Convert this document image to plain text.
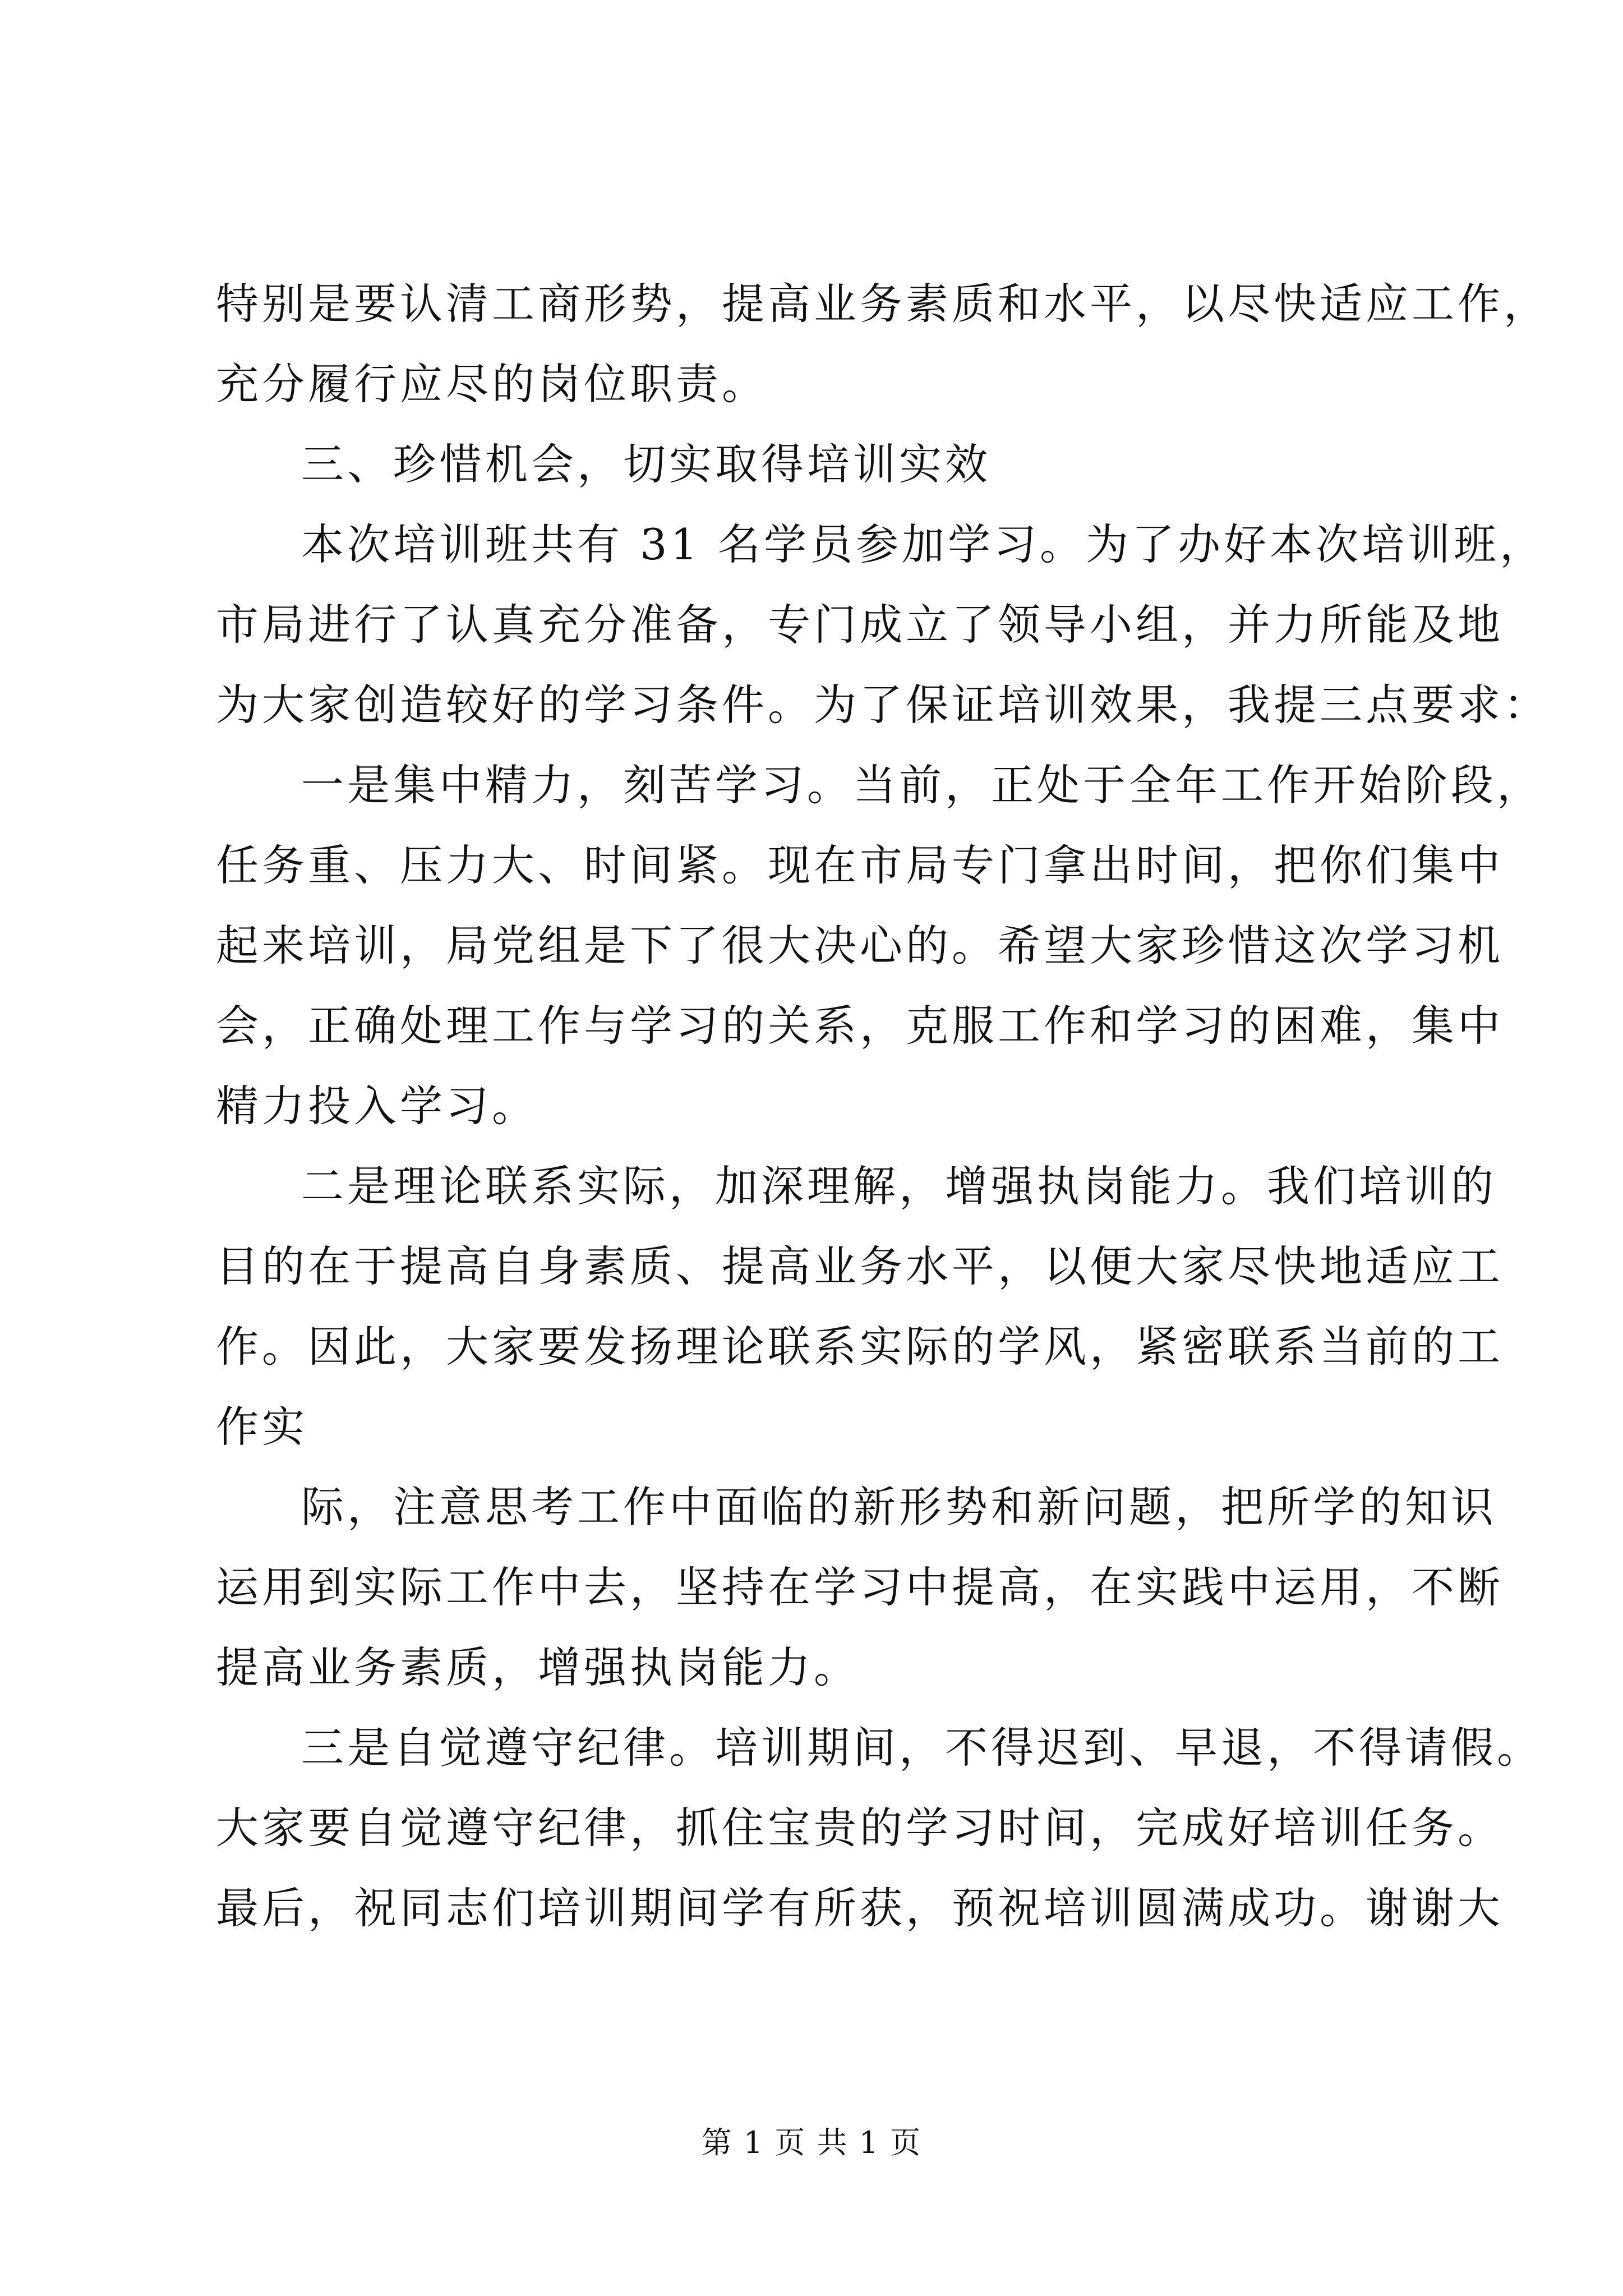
特别是要认清工商形势，提高业务素质和水平，以尽快适应工作，
充分履行应尽的岗位职责。
三、珍惜机会，切实取得培训实效
本次培训班共有 31 名学员参加学习。为了办好本次培训班，
市局进行了认真充分准备，专门成立了领导小组，并力所能及地
为大家创造较好的学习条件。为了保证培训效果，我提三点要求：
一是集中精力，刻苦学习。当前，正处于全年工作开始阶段，
任务重、压力大、时间紧。现在市局专门拿出时间，把你们集中
起来培训，局党组是下了很大决心的。希望大家珍惜这次学习机
会，正确处理工作与学习的关系，克服工作和学习的困难，集中
精力投入学习。
二是理论联系实际，加深理解，增强执岗能力。我们培训的
目的在于提高自身素质、提高业务水平，以便大家尽快地适应工
作。因此，大家要发扬理论联系实际的学风，紧密联系当前的工
作实
际，注意思考工作中面临的新形势和新问题，把所学的知识
运用到实际工作中去，坚持在学习中提高，在实践中运用，不断
提高业务素质，增强执岗能力。
三是自觉遵守纪律。培训期间，不得迟到、早退，不得请假。
大家要自觉遵守纪律，抓住宝贵的学习时间，完成好培训任务。
最后，祝同志们培训期间学有所获，预祝培训圆满成功。谢谢大
第 1 页 共 1 页
